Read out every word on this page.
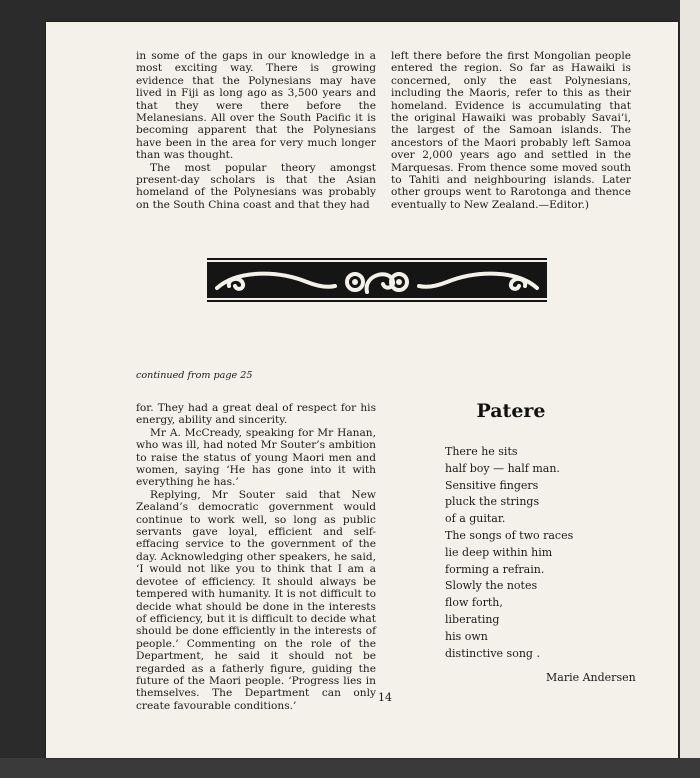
in some of the gaps in our knowledge in a most exciting way. There is growing evidence that the Polynesians may have lived in Fiji as long ago as 3,500 years and that they were there before the Melanesians. All over the South Pacific it is becoming apparent that the Polynesians have been in the area for very much longer than was thought.

The most popular theory amongst present-day scholars is that the Asian homeland of the Polynesians was probably on the South China coast and that they had

left there before the first Mongolian people entered the region. So far as Hawaiki is concerned, only the east Polynesians, including the Maoris, refer to this as their homeland. Evidence is accumulating that the original Hawaiki was probably Savai’i, the largest of the Samoan islands. The ancestors of the Maori probably left Samoa over 2,000 years ago and settled in the Marquesas. From thence some moved south to Tahiti and neighbouring islands. Later other groups went to Rarotonga and thence eventually to New Zealand.—Editor.)

continued from page 25

for. They had a great deal of respect for his energy, ability and sincerity.

Mr A. McCready, speaking for Mr Hanan, who was ill, had noted Mr Souter’s ambition to raise the status of young Maori men and women, saying ‘He has gone into it with everything he has.’

Replying, Mr Souter said that New Zealand’s democratic government would continue to work well, so long as public servants gave loyal, efficient and self-effacing service to the government of the day. Acknowledging other speakers, he said, ‘I would not like you to think that I am a devotee of efficiency. It should always be tempered with humanity. It is not difficult to decide what should be done in the interests of efficiency, but it is difficult to decide what should be done efficiently in the interests of people.’ Commenting on the role of the Department, he said it should not be regarded as a fatherly figure, guiding the future of the Maori people. ‘Progress lies in themselves. The Department can only create favourable conditions.’

Patere
There he sits
half boy — half man.
Sensitive fingers
pluck the strings
of a guitar.
The songs of two races
lie deep within him
forming a refrain.
Slowly the notes
flow forth,
liberating
his own
distinctive song .
Marie Andersen
14
